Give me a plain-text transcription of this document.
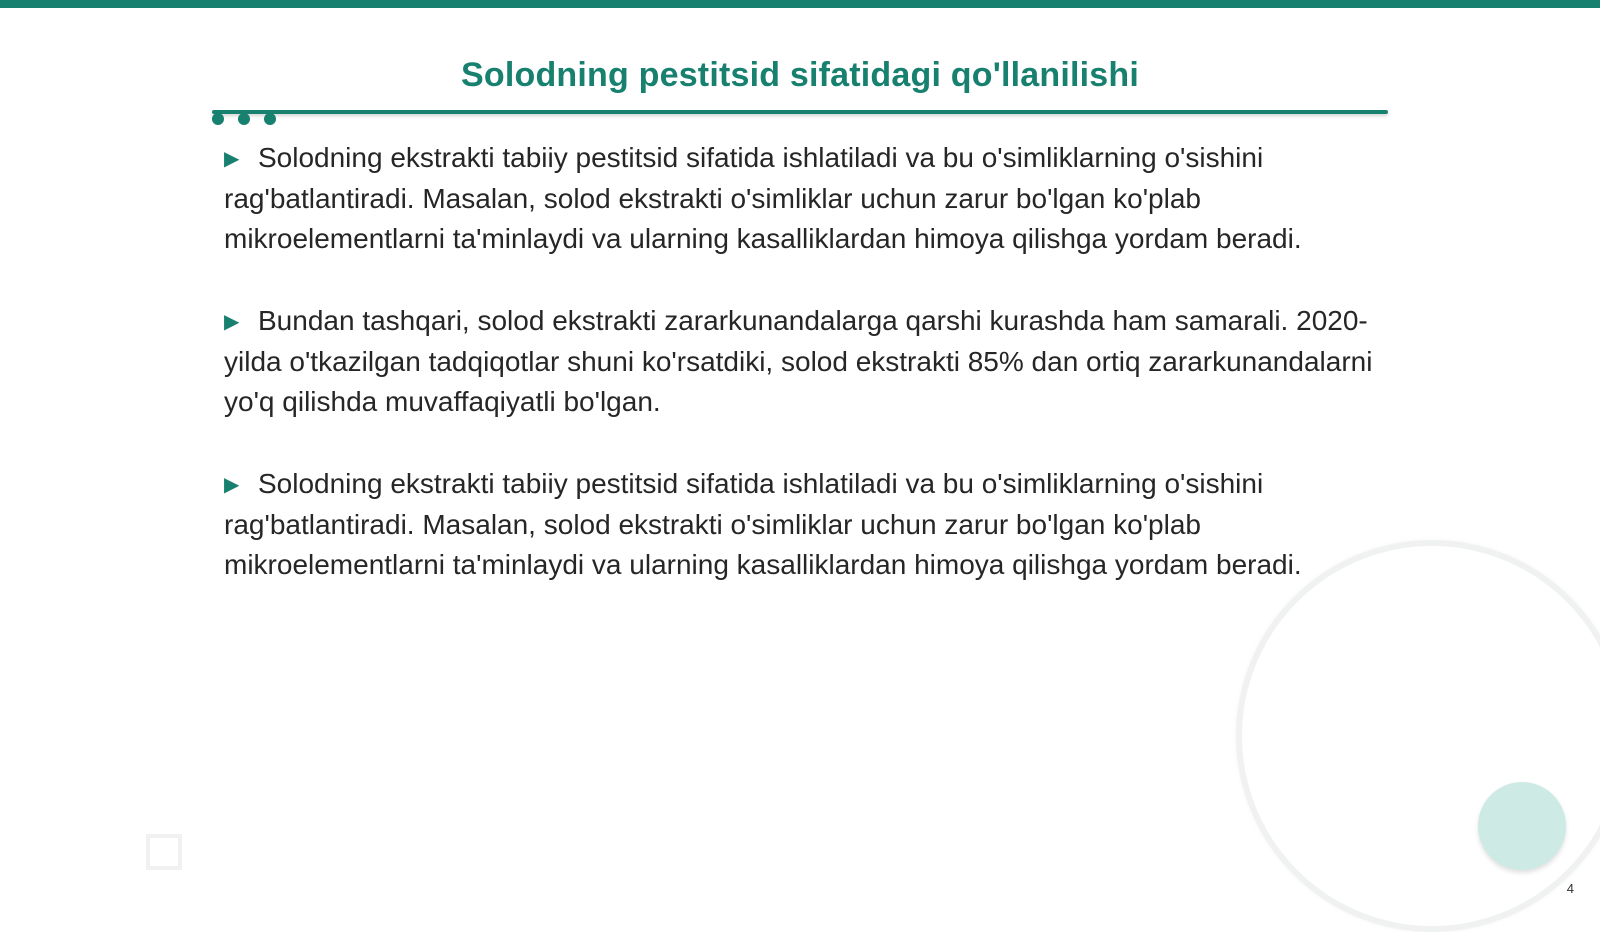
Solodning pestitsid sifatidagi qo'llanilishi
▶ Solodning ekstrakti tabiiy pestitsid sifatida ishlatiladi va bu o'simliklarning o'sishini rag'batlantiradi. Masalan, solod ekstrakti o'simliklar uchun zarur bo'lgan ko'plab mikroelementlarni ta'minlaydi va ularning kasalliklardan himoya qilishga yordam beradi.
▶ Bundan tashqari, solod ekstrakti zararkunandalarga qarshi kurashda ham samarali. 2020-yilda o'tkazilgan tadqiqotlar shuni ko'rsatdiki, solod ekstrakti 85% dan ortiq zararkunandalarni yo'q qilishda muvaffaqiyatli bo'lgan.
▶ Solodning ekstrakti tabiiy pestitsid sifatida ishlatiladi va bu o'simliklarning o'sishini rag'batlantiradi. Masalan, solod ekstrakti o'simliklar uchun zarur bo'lgan ko'plab mikroelementlarni ta'minlaydi va ularning kasalliklardan himoya qilishga yordam beradi.
4
